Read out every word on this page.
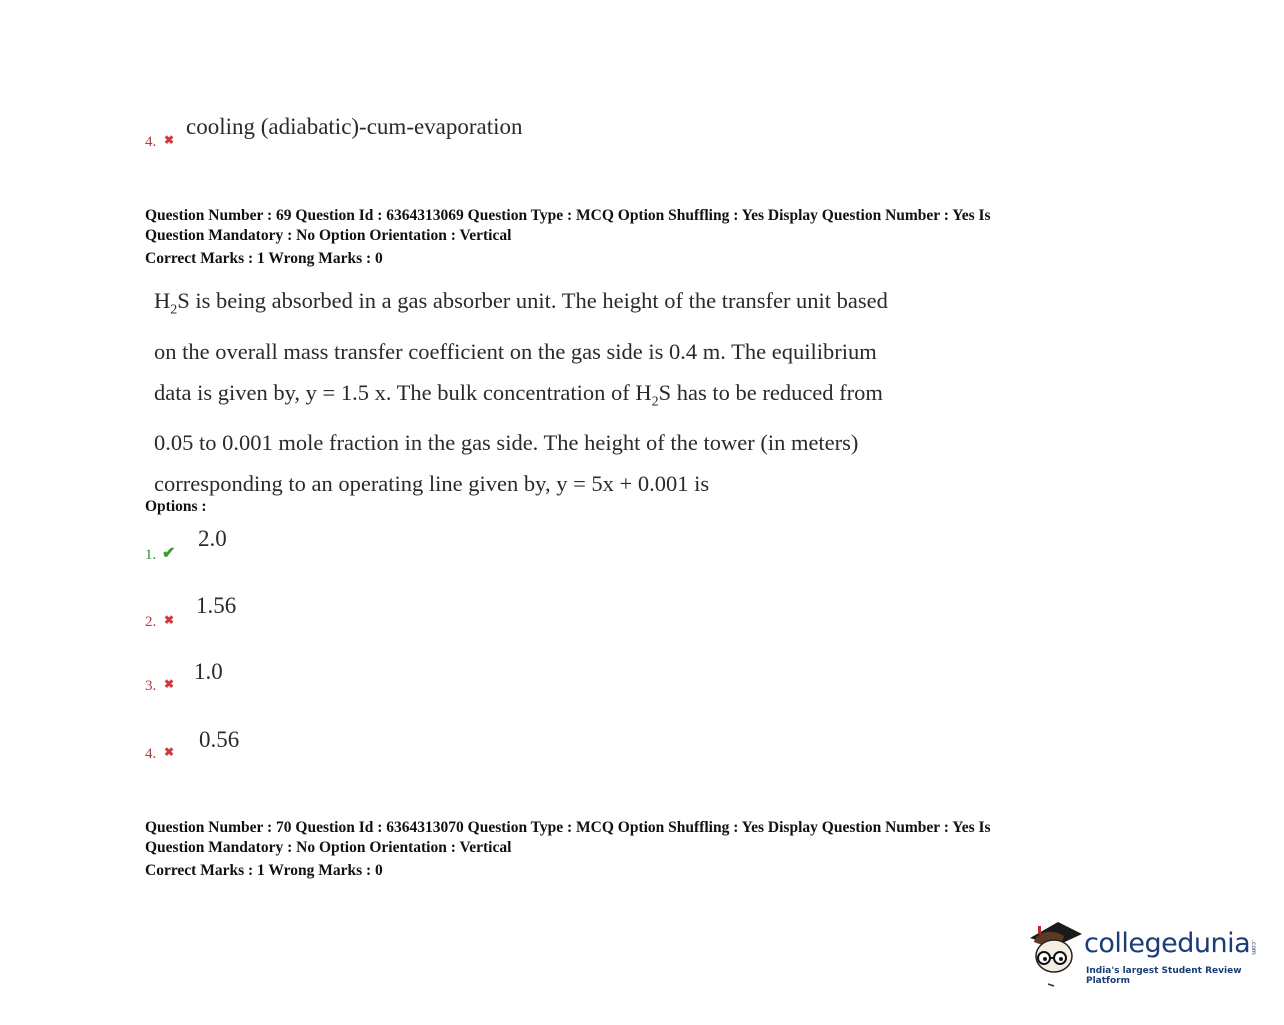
4. ✖
cooling (adiabatic)-cum-evaporation
Question Number : 69 Question Id : 6364313069 Question Type : MCQ Option Shuffling : Yes Display Question Number : Yes Is
Question Mandatory : No Option Orientation : Vertical
Correct Marks : 1 Wrong Marks : 0
$H_2S$ is being absorbed in a gas absorber unit. The height of the transfer unit based
on the overall mass transfer coefficient on the gas side is 0.4 m. The equilibrium
data is given by, y = 1.5 x. The bulk concentration of $H_2S$ has to be reduced from
0.05 to 0.001 mole fraction in the gas side. The height of the tower (in meters)
corresponding to an operating line given by, y = 5x + 0.001 is
Options :
1. ✔
2.0
2. ✖
1.56
3. ✖ 1.0
4. ✖ 0.56
Question Number : 70 Question Id : 6364313070 Question Type : MCQ Option Shuffling : Yes Display Question Number : Yes Is
Question Mandatory : No Option Orientation : Vertical
Correct Marks : 1 Wrong Marks : 0
collegedunia .com
India's largest Student Review Platform
